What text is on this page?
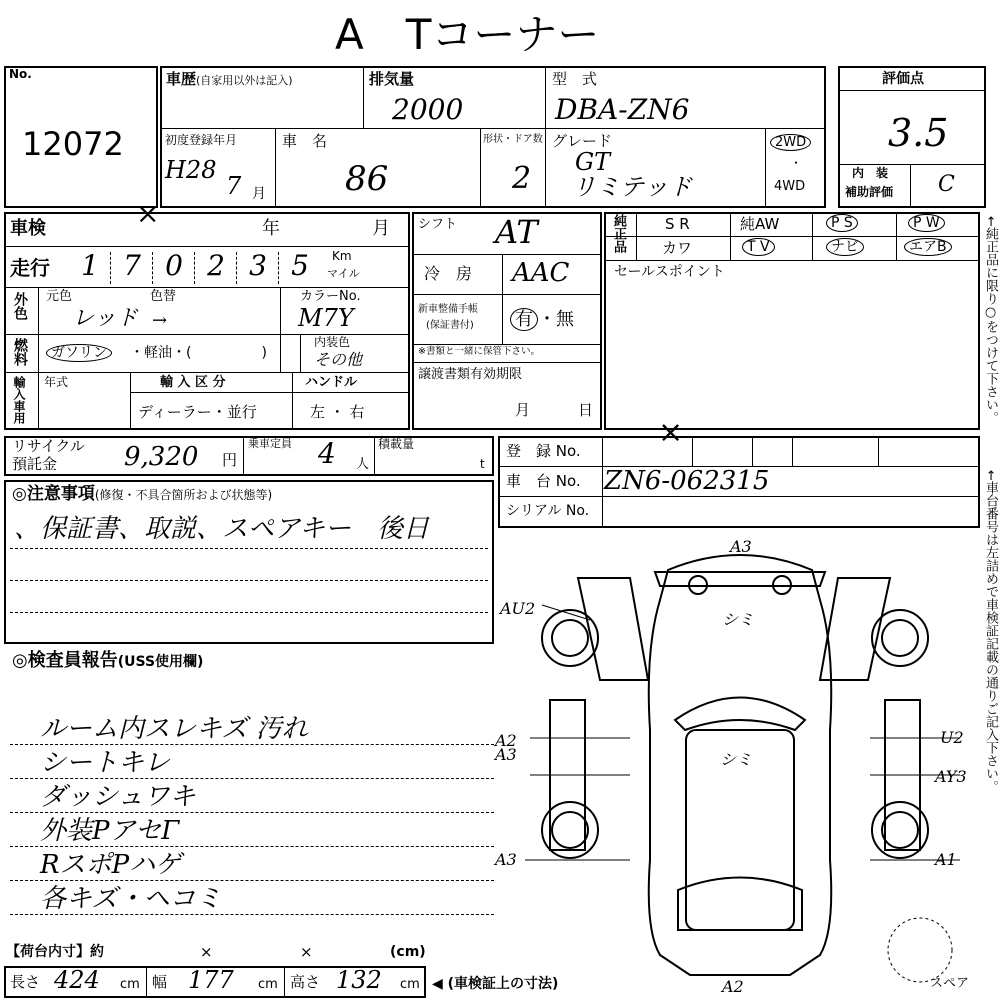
A　Tコーナー
No.
12072
車歴(自家用以外は記入)	排気量
2000
型　式
DBA-ZN6
初度登録年月
H28
7 月
車　名
86
形状・ドア数
2
グレード
GT
リミテッド
2WD
・
4WD
評価点
3.5
内　装
補助評価 C
車検	×	年	月
走行	1 7 0 2 3 5	Km
マイル
外色 元色	色替
レッド →
カラーNo.
M7Y
燃料	ガソリン	・軽油・(　　　　　)
内装色
その他
輸入車用 年式	輸 入 区 分
ディーラー・並行
ハンドル
左 ・ 右
シフト AT
冷　房 AAC
新車整備手帳
(保証書付) 有 ・無
※書類と一緒に保管下さい。
譲渡書類有効期限
月	日
純正品	S R	純AW	P S	P W
カワ	T V	ナビ	エアB
セールスポイント
リサイクル
預託金	9,320 円
乗車定員 4 人
積載量
t
登　録 No.
×
車　台 No. ZN6-062315
シリアル No.
◎注意事項(修復・不具合箇所および状態等)
、保証書、取説、スペアキー　後日
◎検査員報告(USS使用欄)
ルーム内スレキズ 汚れ
シートキレ
ダッシュワキ
外装PアセΓ
RスポPハゲ
各キズ・ヘコミ
A3
AU2
シミ
A2
A3	シミ
U2
AY3
A3	A1
A2	スペア
【荷台内寸】約	×	×	(cm)
長さ 424 cm 幅 177 cm 高さ 132 cm ◀ (車検証上の寸法)
←純正品に限り○をつけて下さい。
←車台番号は左詰めで車検証記載の通りご記入下さい。
